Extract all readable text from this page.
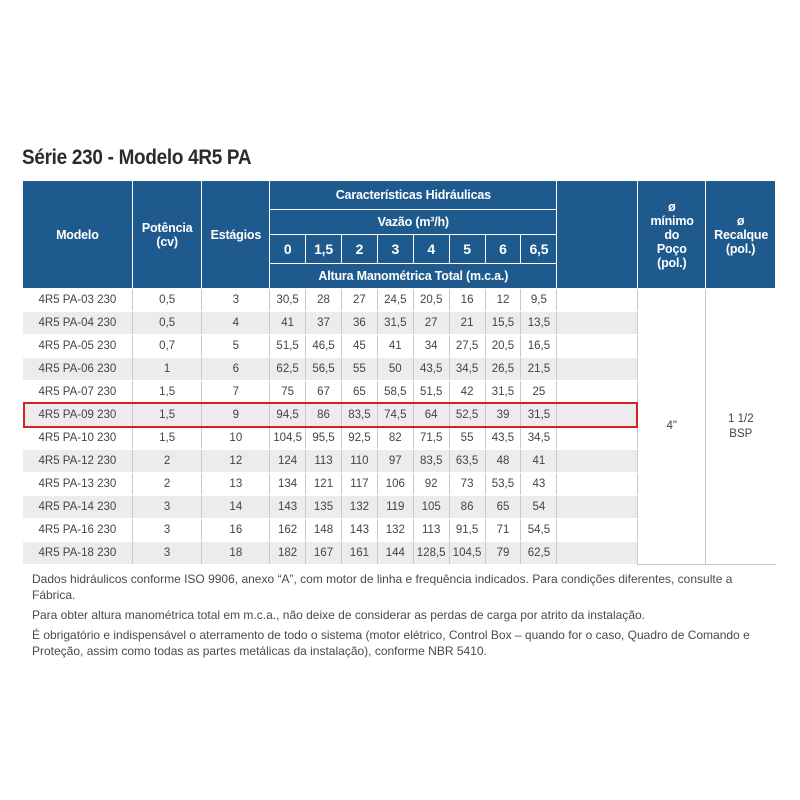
Série 230 - Modelo 4R5 PA
Modelo	Potência (cv)	Estágios	Características Hidráulicas									ø mínimo do Poço (pol.)	ø Recalque (pol.)
			Vazão (m³/h)										
			0	1,5	2	3	4	5	6	6,5			
			Altura Manométrica Total (m.c.a.)										
4R5 PA-03 230	0,5	3	30,5	28	27	24,5	20,5	16	12	9,5		4"	1 1/2 BSP
4R5 PA-04 230	0,5	4	41	37	36	31,5	27	21	15,5	13,5			
4R5 PA-05 230	0,7	5	51,5	46,5	45	41	34	27,5	20,5	16,5			
4R5 PA-06 230	1	6	62,5	56,5	55	50	43,5	34,5	26,5	21,5			
4R5 PA-07 230	1,5	7	75	67	65	58,5	51,5	42	31,5	25			
4R5 PA-09 230	1,5	9	94,5	86	83,5	74,5	64	52,5	39	31,5			
4R5 PA-10 230	1,5	10	104,5	95,5	92,5	82	71,5	55	43,5	34,5			
4R5 PA-12 230	2	12	124	113	110	97	83,5	63,5	48	41			
4R5 PA-13 230	2	13	134	121	117	106	92	73	53,5	43			
4R5 PA-14 230	3	14	143	135	132	119	105	86	65	54			
4R5 PA-16 230	3	16	162	148	143	132	113	91,5	71	54,5			
4R5 PA-18 230	3	18	182	167	161	144	128,5	104,5	79	62,5			

Dados hidráulicos conforme ISO 9906, anexo “A”, com motor de linha e frequência indicados. Para condições diferentes, consulte a Fábrica.

Para obter altura manométrica total em m.c.a., não deixe de considerar as perdas de carga por atrito da instalação.

É obrigatório e indispensável o aterramento de todo o sistema (motor elétrico, Control Box – quando for o caso, Quadro de Comando e Proteção, assim como todas as partes metálicas da instalação), conforme NBR 5410.
